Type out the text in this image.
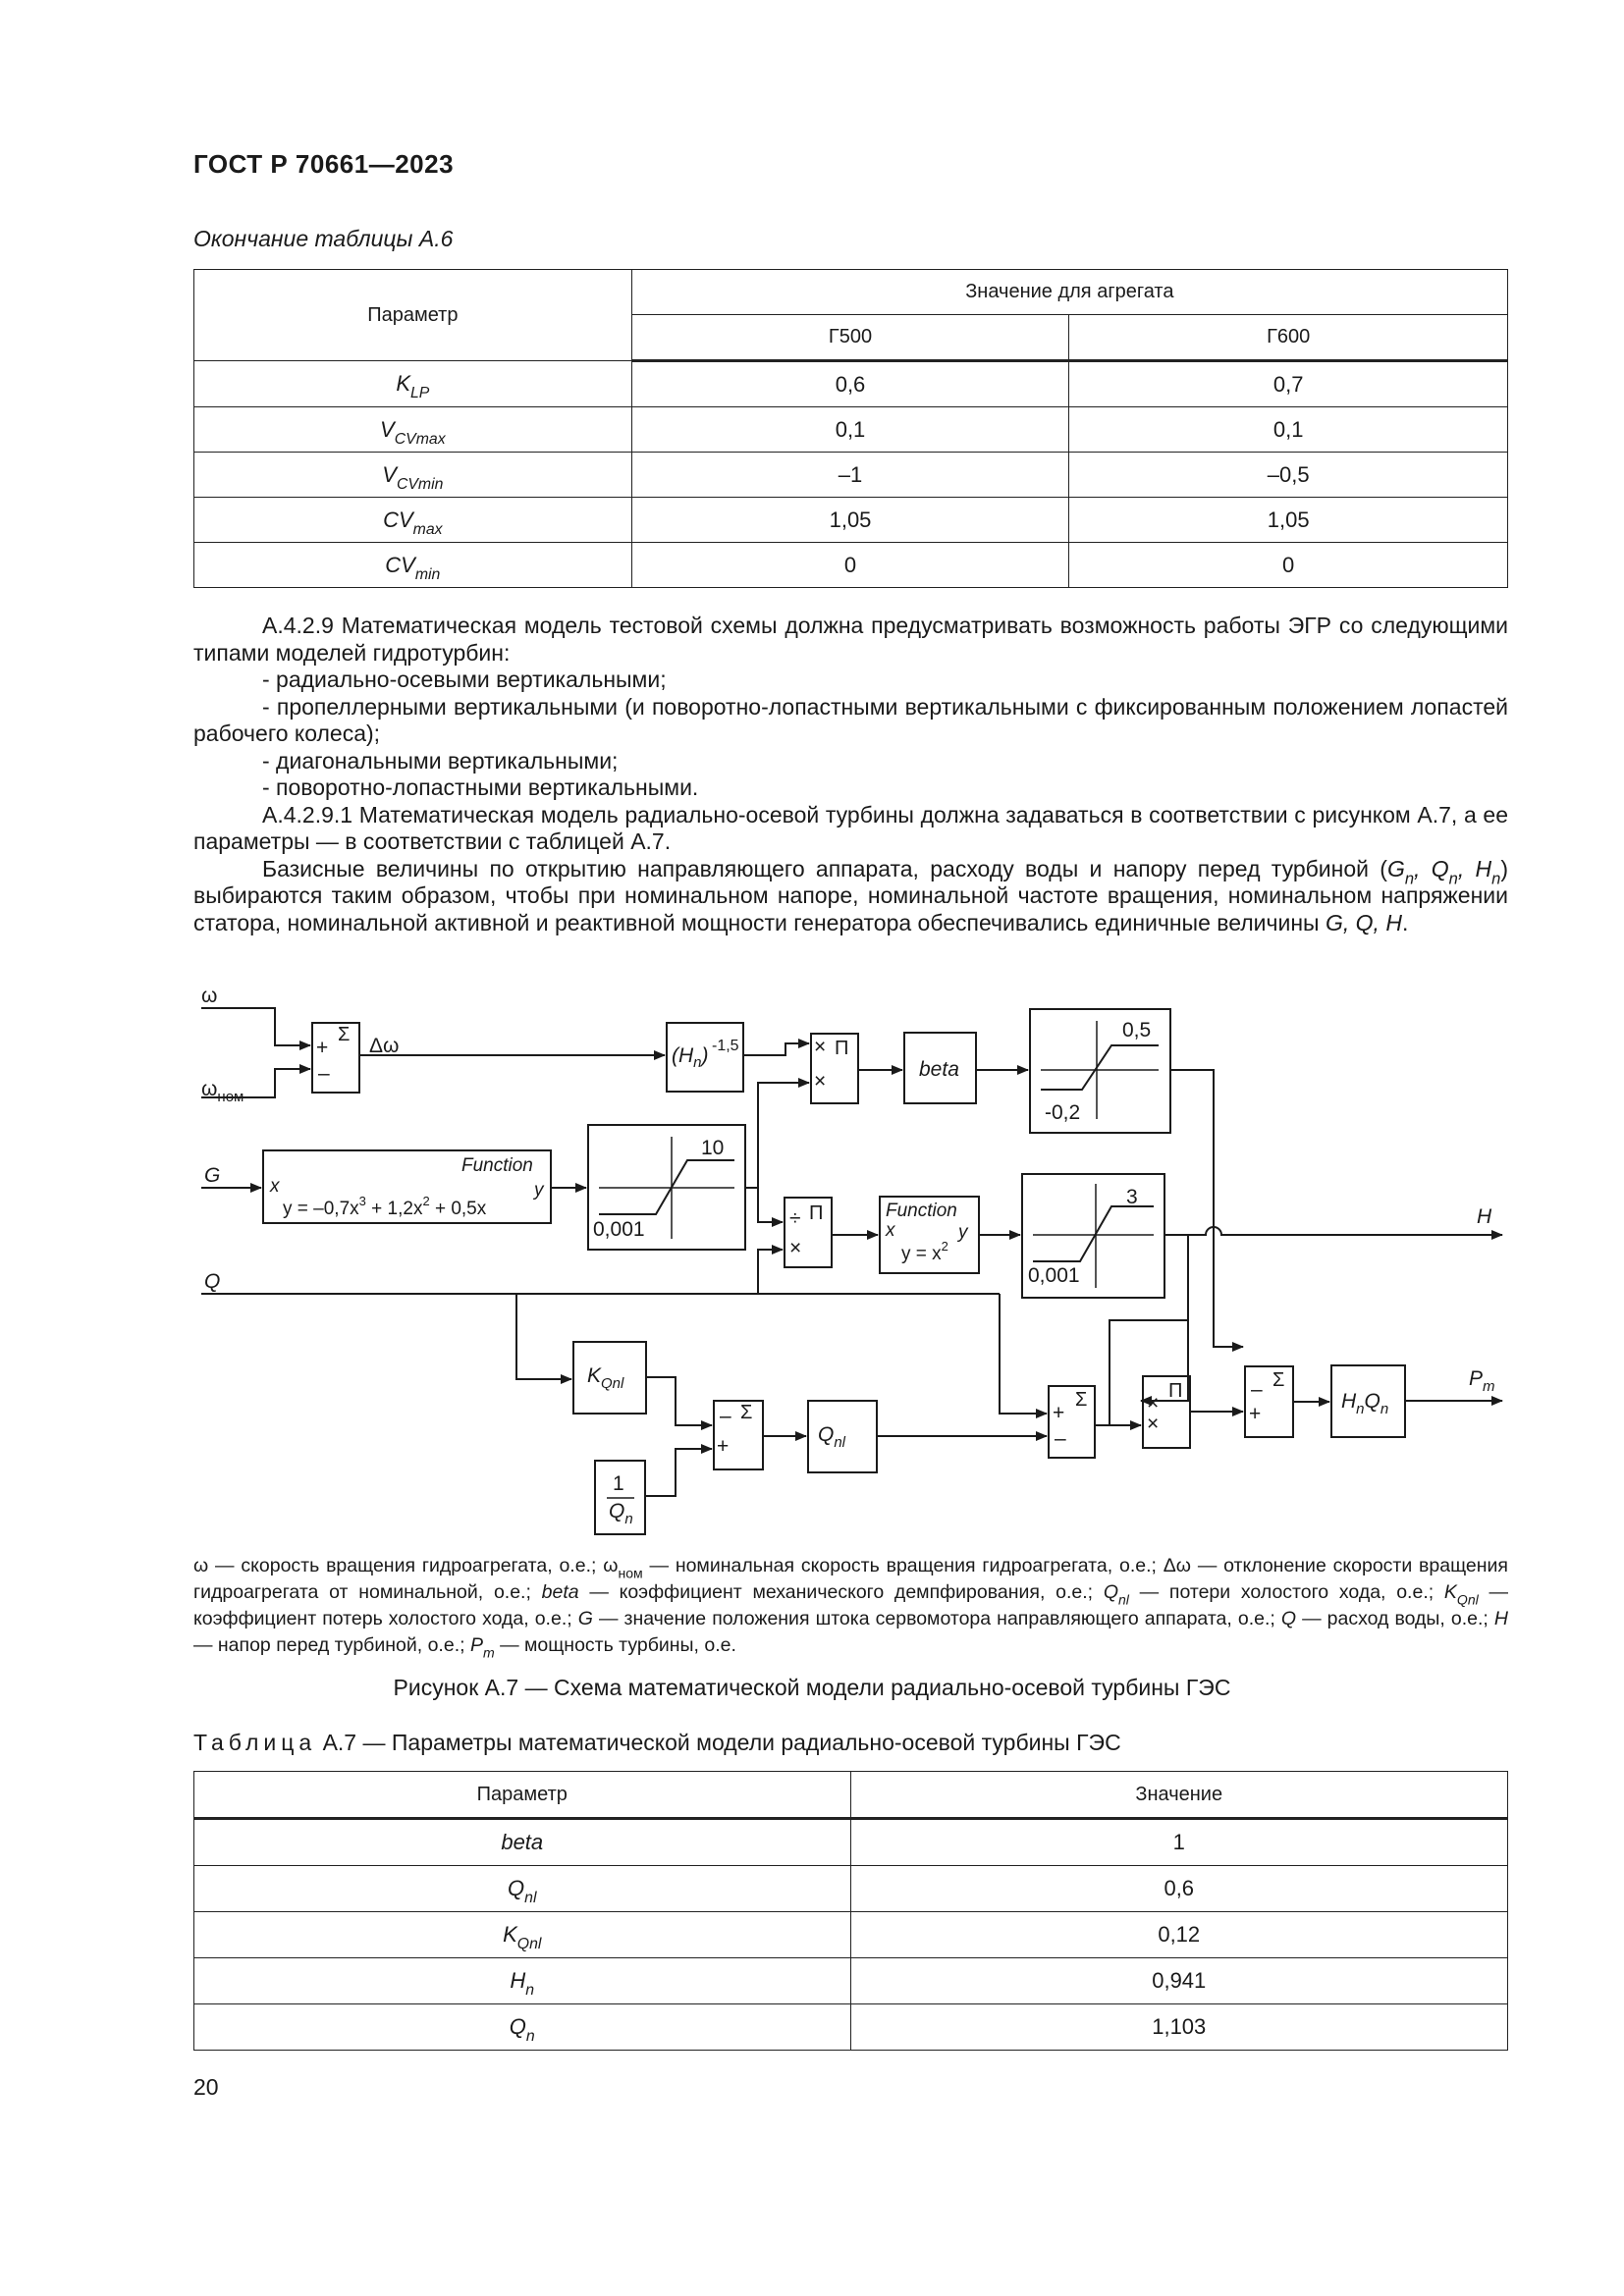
ГОСТ Р 70661—2023
Окончание таблицы А.6
Параметр	Значение для агрегата	
	Г500	Г600
$K_{LP}$	0,6	0,7
$V_{CVmax}$	0,1	0,1
$V_{CVmin}$	–1	–0,5
$CV_{max}$	1,05	1,05
$CV_{min}$	0	0

А.4.2.9 Математическая модель тестовой схемы должна предусматривать возможность работы ЭГР со следующими типами моделей гидротурбин:

- радиально-осевыми вертикальными;

- пропеллерными вертикальными (и поворотно-лопастными вертикальными с фиксированным положением лопастей рабочего колеса);

- диагональными вертикальными;

- поворотно-лопастными вертикальными.

А.4.2.9.1 Математическая модель радиально-осевой турбины должна задаваться в соответствии с рисунком А.7, а ее параметры — в соответствии с таблицей А.7.

Базисные величины по открытию направляющего аппарата, расходу воды и напору перед турбиной ($G_n$, $Q_n$, $H_n$) выбираются таким образом, чтобы при номинальном напоре, номинальной частоте вращения, номинальном напряжении статора, номинальной активной и реактивной мощности генератора обеспечивались единичные величины G, Q, H.

ω
$\omega_{ном}$
+
–
Σ Δω	$(H_n)$ -1,5	×
×
Π
beta
0,5
-0,2
G	Function
x	y
$y = -0,7x^3 + 1,2x^2 + 0,5x$
10
0,001	÷
×
Π	Function
x	y
$y = x^2$
3
0,001
H
Q
$K_{Qnl}$
1
$Q_n$
–
+
Σ
$Q_{nl}$
+
–
Σ	×
×
Π	–
+
Σ
$H_nQ_n$
$P_m$
ω — скорость вращения гидроагрегата, о.е.; $\omega_{ном}$ — номинальная скорость вращения гидроагрегата, о.е.; Δω — отклонение скорости вращения гидроагрегата от номинальной, о.е.; beta — коэффициент механического демпфирования, о.е.; $Q_{nl}$ — потери холостого хода, о.е.; $K_{Qnl}$ — коэффициент потерь холостого хода, о.е.; G — значение положения штока сервомотора направляющего аппарата, о.е.; Q — расход воды, о.е.; H — напор перед турбиной, о.е.; $P_m$ — мощность турбины, о.е.
Рисунок А.7 — Схема математической модели радиально-осевой турбины ГЭС
Таблица А.7 — Параметры математической модели радиально-осевой турбины ГЭС
Параметр	Значение
beta	1
$Q_{nl}$	0,6
$K_{Qnl}$	0,12
$H_n$	0,941
$Q_n$	1,103
20
